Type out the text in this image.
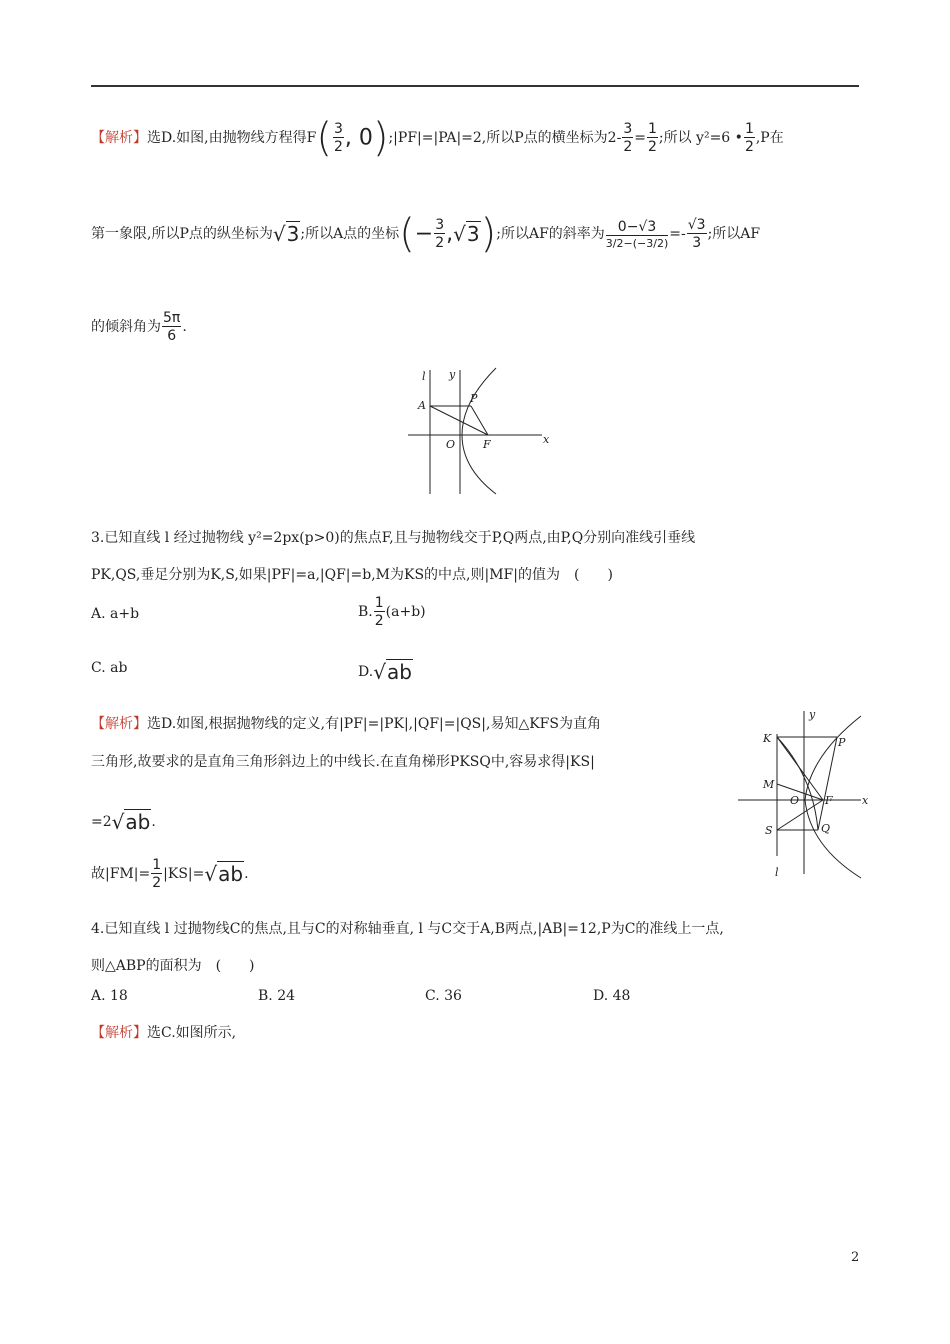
【解析】选D.如图,由抛物线方程得$F( \frac{3}{2}$ , 0);|PF|=|PA|=2,所以P点的横坐标为$2- \frac{3}{2} = \frac{1}{2}$ ;所以 y²=6 • $\frac{1}{2} ,P$在
第一象限,所以P点的纵坐标为√3;所以A点的坐标(− $\frac{3}{2} ,√3$);所以AF的斜率为 $\frac{0-√3}{3/2-(-3/2)} =- \frac{√3}{3}$ ;所以AF
的倾斜角为 $\frac{5\pi}{6}$ .
l y
A
P
O	F	x
3.已知直线 l 经过抛物线 y²=2px(p>0)的焦点F,且与抛物线交于P,Q两点,由P,Q分别向准线引垂线
PK,QS,垂足分别为K,S,如果|PF|=a,|QF|=b,M为KS的中点,则|MF|的值为　(　　)
A. a+b	B. $\frac{1}{2} (a+b)$
C. ab	D.√ab
【解析】选D.如图,根据抛物线的定义,有|PF|=|PK|,|QF|=|QS|,易知△KFS为直角
三角形,故要求的是直角三角形斜边上的中线长.在直角梯形PKSQ中,容易求得|KS|
=2√ab.
故$|FM|= \frac{1}{2} |KS|=√ab$.
y
K	P
M
O F	x
S	Q
l
4.已知直线 l 过抛物线C的焦点,且与C的对称轴垂直, l 与C交于A,B两点,|AB|=12,P为C的准线上一点,
则△ABP的面积为　(　　)
A. 18	B. 24	C. 36	D. 48
【解析】选C.如图所示,
2
